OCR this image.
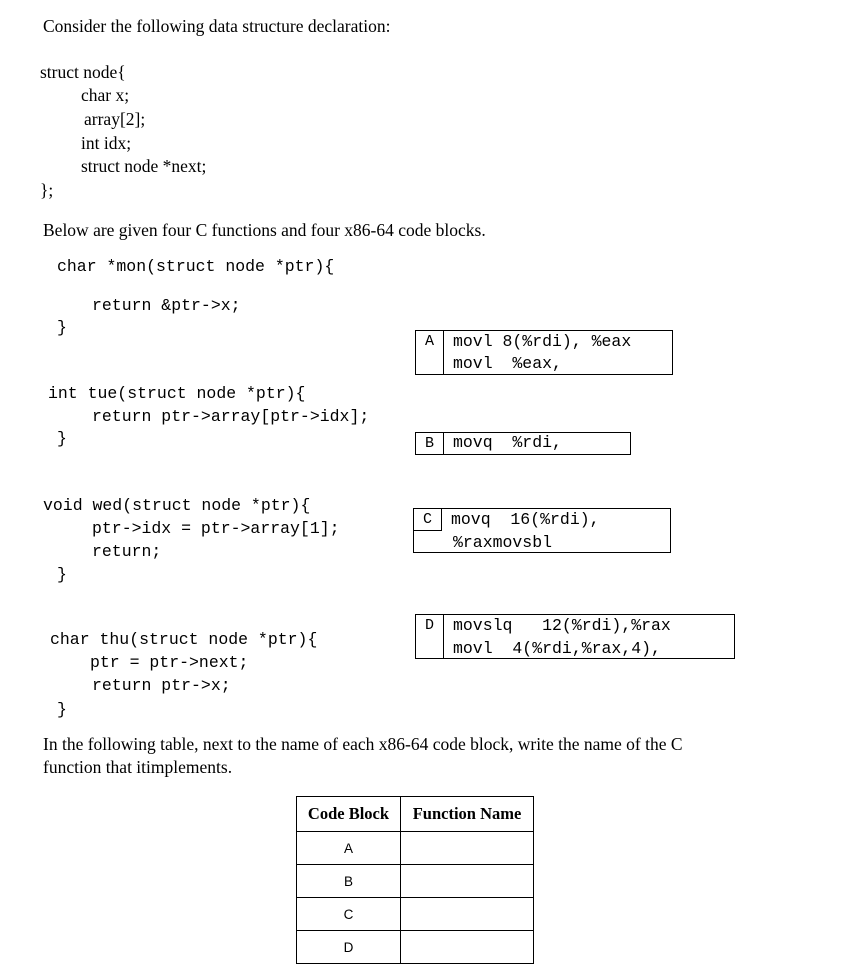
Consider the following data structure declaration:
struct node{
char x;
array[2];
int idx;
struct node *next;
};
Below are given four C functions and four x86-64 code blocks.
char *mon(struct node *ptr){
return &ptr->x;
}
int tue(struct node *ptr){
return ptr->array[ptr->idx];
}
void wed(struct node *ptr){
ptr->idx = ptr->array[1];
return;
}
char thu(struct node *ptr){
ptr = ptr->next;
return ptr->x;
}
A	movl 8(%rdi), %eax
movl  %eax,
B	movq  %rdi,
C	movq  16(%rdi),
%raxmovsbl
D	movslq   12(%rdi),%rax
movl  4(%rdi,%rax,4),
In the following table, next to the name of each x86-64 code block, write the name of the C
function that itimplements.
Code Block	Function Name
A	
B	
C	
D	
